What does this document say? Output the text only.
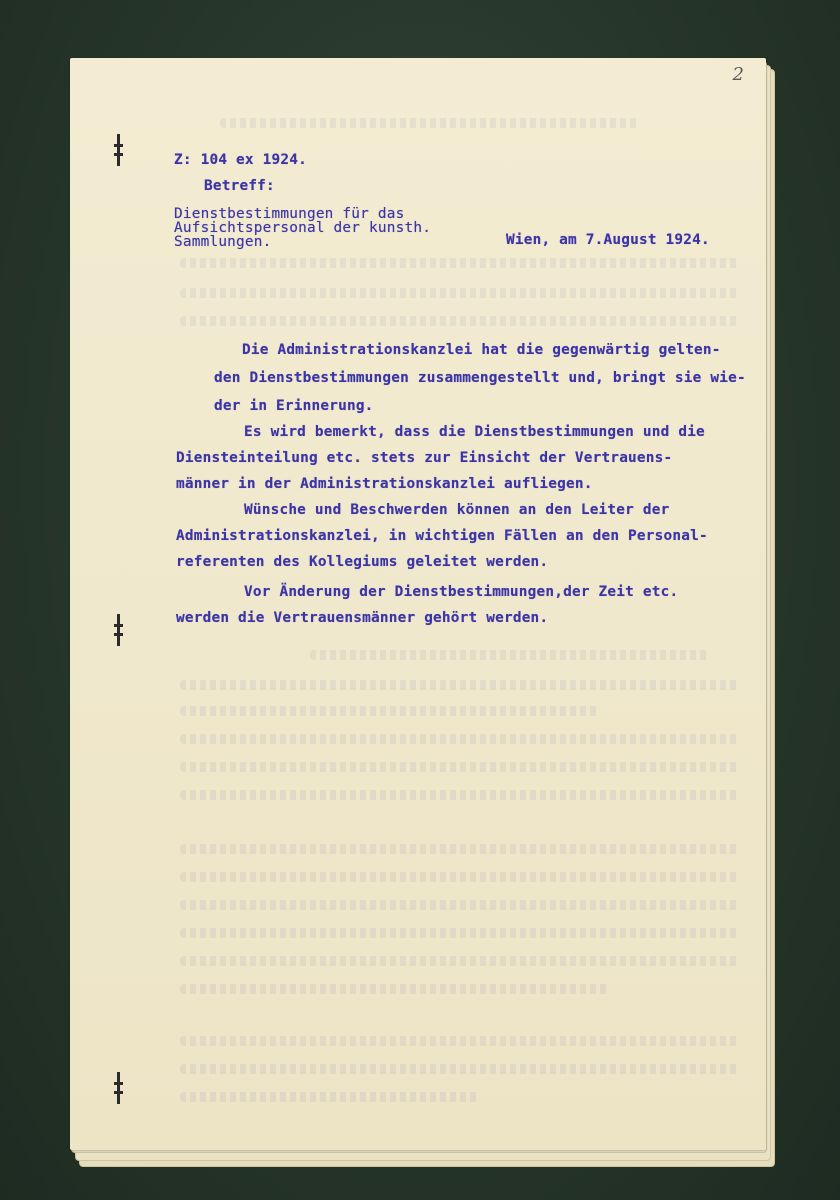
2
Z: 104 ex 1924.
Betreff:
Dienstbestimmungen für das
Aufsichtspersonal der kunsth.
Sammlungen.	Wien, am 7.August 1924.
Die Administrationskanzlei hat die gegenwärtig gelten-
den Dienstbestimmungen zusammengestellt und, bringt sie wie-
der in Erinnerung.
Es wird bemerkt, dass die Dienstbestimmungen und die
Diensteinteilung etc. stets zur Einsicht der Vertrauens-
männer in der Administrationskanzlei aufliegen.
Wünsche und Beschwerden können an den Leiter der
Administrationskanzlei, in wichtigen Fällen an den Personal-
referenten des Kollegiums geleitet werden.
Vor Änderung der Dienstbestimmungen,der Zeit etc.
werden die Vertrauensmänner gehört werden.
